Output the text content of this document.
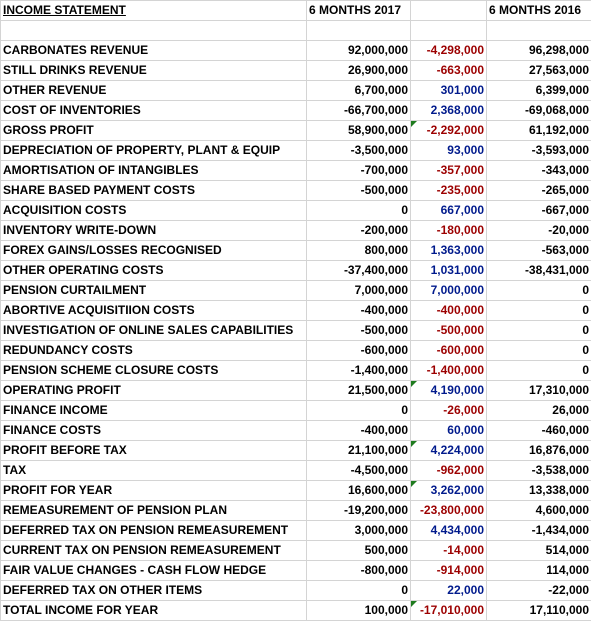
INCOME STATEMENT	6 MONTHS 2017		6 MONTHS 2016

CARBONATES REVENUE	92,000,000	-4,298,000	96,298,000
STILL DRINKS REVENUE	26,900,000	-663,000	27,563,000
OTHER REVENUE	6,700,000	301,000	6,399,000
COST OF INVENTORIES	-66,700,000	2,368,000	-69,068,000
GROSS PROFIT	58,900,000	-2,292,000	61,192,000
DEPRECIATION OF PROPERTY, PLANT & EQUIP	-3,500,000	93,000	-3,593,000
AMORTISATION OF INTANGIBLES	-700,000	-357,000	-343,000
SHARE BASED PAYMENT COSTS	-500,000	-235,000	-265,000
ACQUISITION COSTS	0	667,000	-667,000
INVENTORY WRITE-DOWN	-200,000	-180,000	-20,000
FOREX GAINS/LOSSES RECOGNISED	800,000	1,363,000	-563,000
OTHER OPERATING COSTS	-37,400,000	1,031,000	-38,431,000
PENSION CURTAILMENT	7,000,000	7,000,000	0
ABORTIVE ACQUISITIION COSTS	-400,000	-400,000	0
INVESTIGATION OF ONLINE SALES CAPABILITIES	-500,000	-500,000	0
REDUNDANCY COSTS	-600,000	-600,000	0
PENSION SCHEME CLOSURE COSTS	-1,400,000	-1,400,000	0
OPERATING PROFIT	21,500,000	4,190,000	17,310,000
FINANCE INCOME	0	-26,000	26,000
FINANCE COSTS	-400,000	60,000	-460,000
PROFIT BEFORE TAX	21,100,000	4,224,000	16,876,000
TAX	-4,500,000	-962,000	-3,538,000
PROFIT FOR YEAR	16,600,000	3,262,000	13,338,000
REMEASUREMENT OF PENSION PLAN	-19,200,000	-23,800,000	4,600,000
DEFERRED TAX ON PENSION REMEASUREMENT	3,000,000	4,434,000	-1,434,000
CURRENT TAX ON PENSION REMEASUREMENT	500,000	-14,000	514,000
FAIR VALUE CHANGES - CASH FLOW HEDGE	-800,000	-914,000	114,000
DEFERRED TAX ON OTHER ITEMS	0	22,000	-22,000
TOTAL INCOME FOR YEAR	100,000	-17,010,000	17,110,000
